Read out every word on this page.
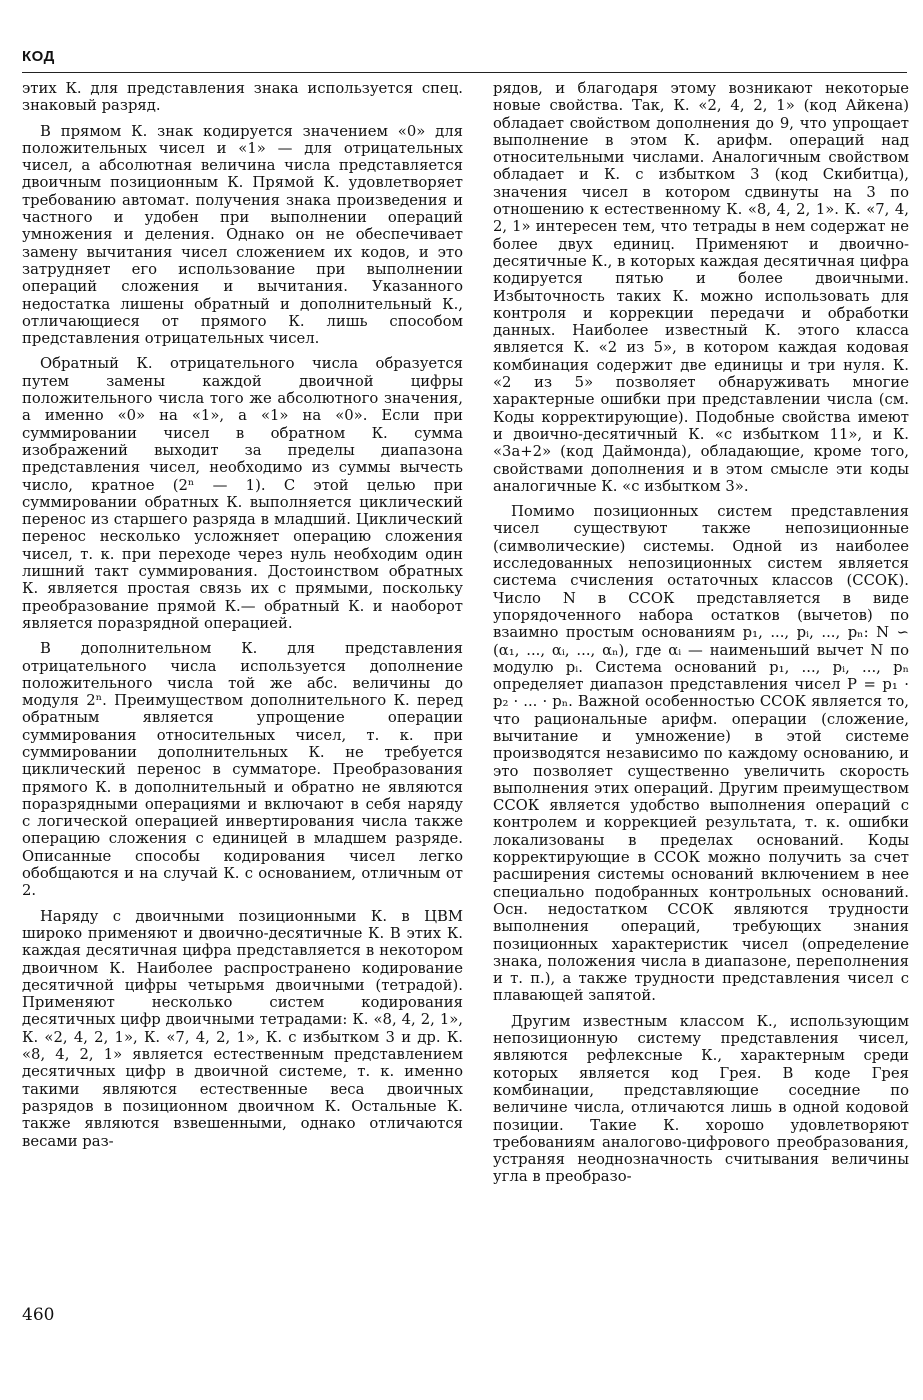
КОД

этих К. для представления знака используется спец. знаковый разряд.

В прямом К. знак кодируется значением «0» для положительных чисел и «1» — для отрицательных чисел, а абсолютная величина числа представляется двоичным позиционным К. Прямой К. удовлетворяет требованию автомат. получения знака произведения и частного и удобен при выполнении операций умножения и деления. Однако он не обеспечивает замену вычитания чисел сложением их кодов, и это затрудняет его использование при выполнении операций сложения и вычитания. Указанного недостатка лишены обратный и дополнительный К., отличающиеся от прямого К. лишь способом представления отрицательных чисел.

Обратный К. отрицательного числа образуется путем замены каждой двоичной цифры положительного числа того же абсолютного значения, а именно «0» на «1», а «1» на «0». Если при суммировании чисел в обратном К. сумма изображений выходит за пределы диапазона представления чисел, необходимо из суммы вычесть число, кратное (2ⁿ — 1). С этой целью при суммировании обратных К. выполняется циклический перенос из старшего разряда в младший. Циклический перенос несколько усложняет операцию сложения чисел, т. к. при переходе через нуль необходим один лишний такт суммирования. Достоинством обратных К. является простая связь их с прямыми, поскольку преобразование прямой К.— обратный К. и наоборот является поразрядной операцией.

В дополнительном К. для представления отрицательного числа используется дополнение положительного числа той же абс. величины до модуля 2ⁿ. Преимуществом дополнительного К. перед обратным является упрощение операции суммирования относительных чисел, т. к. при суммировании дополнительных К. не требуется циклический перенос в сумматоре. Преобразования прямого К. в дополнительный и обратно не являются поразрядными операциями и включают в себя наряду с логической операцией инвертирования числа также операцию сложения с единицей в младшем разряде. Описанные способы кодирования чисел легко обобщаются и на случай К. с основанием, отличным от 2.

Наряду с двоичными позиционными К. в ЦВМ широко применяют и двоично-десятичные К. В этих К. каждая десятичная цифра представляется в некотором двоичном К. Наиболее распространено кодирование десятичной цифры четырьмя двоичными (тетрадой). Применяют несколько систем кодирования десятичных цифр двоичными тетрадами: К. «8, 4, 2, 1», К. «2, 4, 2, 1», К. «7, 4, 2, 1», К. с избытком 3 и др. К. «8, 4, 2, 1» является естественным представлением десятичных цифр в двоичной системе, т. к. именно такими являются естественные веса двоичных разрядов в позиционном двоичном К. Остальные К. также являются взвешенными, однако отличаются весами раз-

рядов, и благодаря этому возникают некоторые новые свойства. Так, К. «2, 4, 2, 1» (код Айкена) обладает свойством дополнения до 9, что упрощает выполнение в этом К. арифм. операций над относительными числами. Аналогичным свойством обладает и К. с избытком 3 (код Скибитца), значения чисел в котором сдвинуты на 3 по отношению к естественному К. «8, 4, 2, 1». К. «7, 4, 2, 1» интересен тем, что тетрады в нем содержат не более двух единиц. Применяют и двоично-десятичные К., в которых каждая десятичная цифра кодируется пятью и более двоичными. Избыточность таких К. можно использовать для контроля и коррекции передачи и обработки данных. Наиболее известный К. этого класса является К. «2 из 5», в котором каждая кодовая комбинация содержит две единицы и три нуля. К. «2 из 5» позволяет обнаруживать многие характерные ошибки при представлении числа (см. Коды корректирующие). Подобные свойства имеют и двоично-десятичный К. «с избытком 11», и К. «3a+2» (код Даймонда), обладающие, кроме того, свойствами дополнения и в этом смысле эти коды аналогичные К. «с избытком 3».

Помимо позиционных систем представления чисел существуют также непозиционные (символические) системы. Одной из наиболее исследованных непозиционных систем является система счисления остаточных классов (ССОК). Число N в ССОК представляется в виде упорядоченного набора остатков (вычетов) по взаимно простым основаниям p₁, ..., pᵢ, ..., pₙ: N ∽ (α₁, ..., αᵢ, ..., αₙ), где αᵢ — наименьший вычет N по модулю pᵢ. Система оснований p₁, ..., pᵢ, ..., pₙ определяет диапазон представления чисел P = p₁ · p₂ · ... · pₙ. Важной особенностью ССОК является то, что рациональные арифм. операции (сложение, вычитание и умножение) в этой системе производятся независимо по каждому основанию, и это позволяет существенно увеличить скорость выполнения этих операций. Другим преимуществом ССОК является удобство выполнения операций с контролем и коррекцией результата, т. к. ошибки локализованы в пределах оснований. Коды корректирующие в ССОК можно получить за счет расширения системы оснований включением в нее специально подобранных контрольных оснований. Осн. недостатком ССОК являются трудности выполнения операций, требующих знания позиционных характеристик чисел (определение знака, положения числа в диапазоне, переполнения и т. п.), а также трудности представления чисел с плавающей запятой.

Другим известным классом К., использующим непозиционную систему представления чисел, являются рефлексные К., характерным среди которых является код Грея. В коде Грея комбинации, представляющие соседние по величине числа, отличаются лишь в одной кодовой позиции. Такие К. хорошо удовлетворяют требованиям аналогово-цифрового преобразования, устраняя неоднозначность считывания величины угла в преобразо-

460
